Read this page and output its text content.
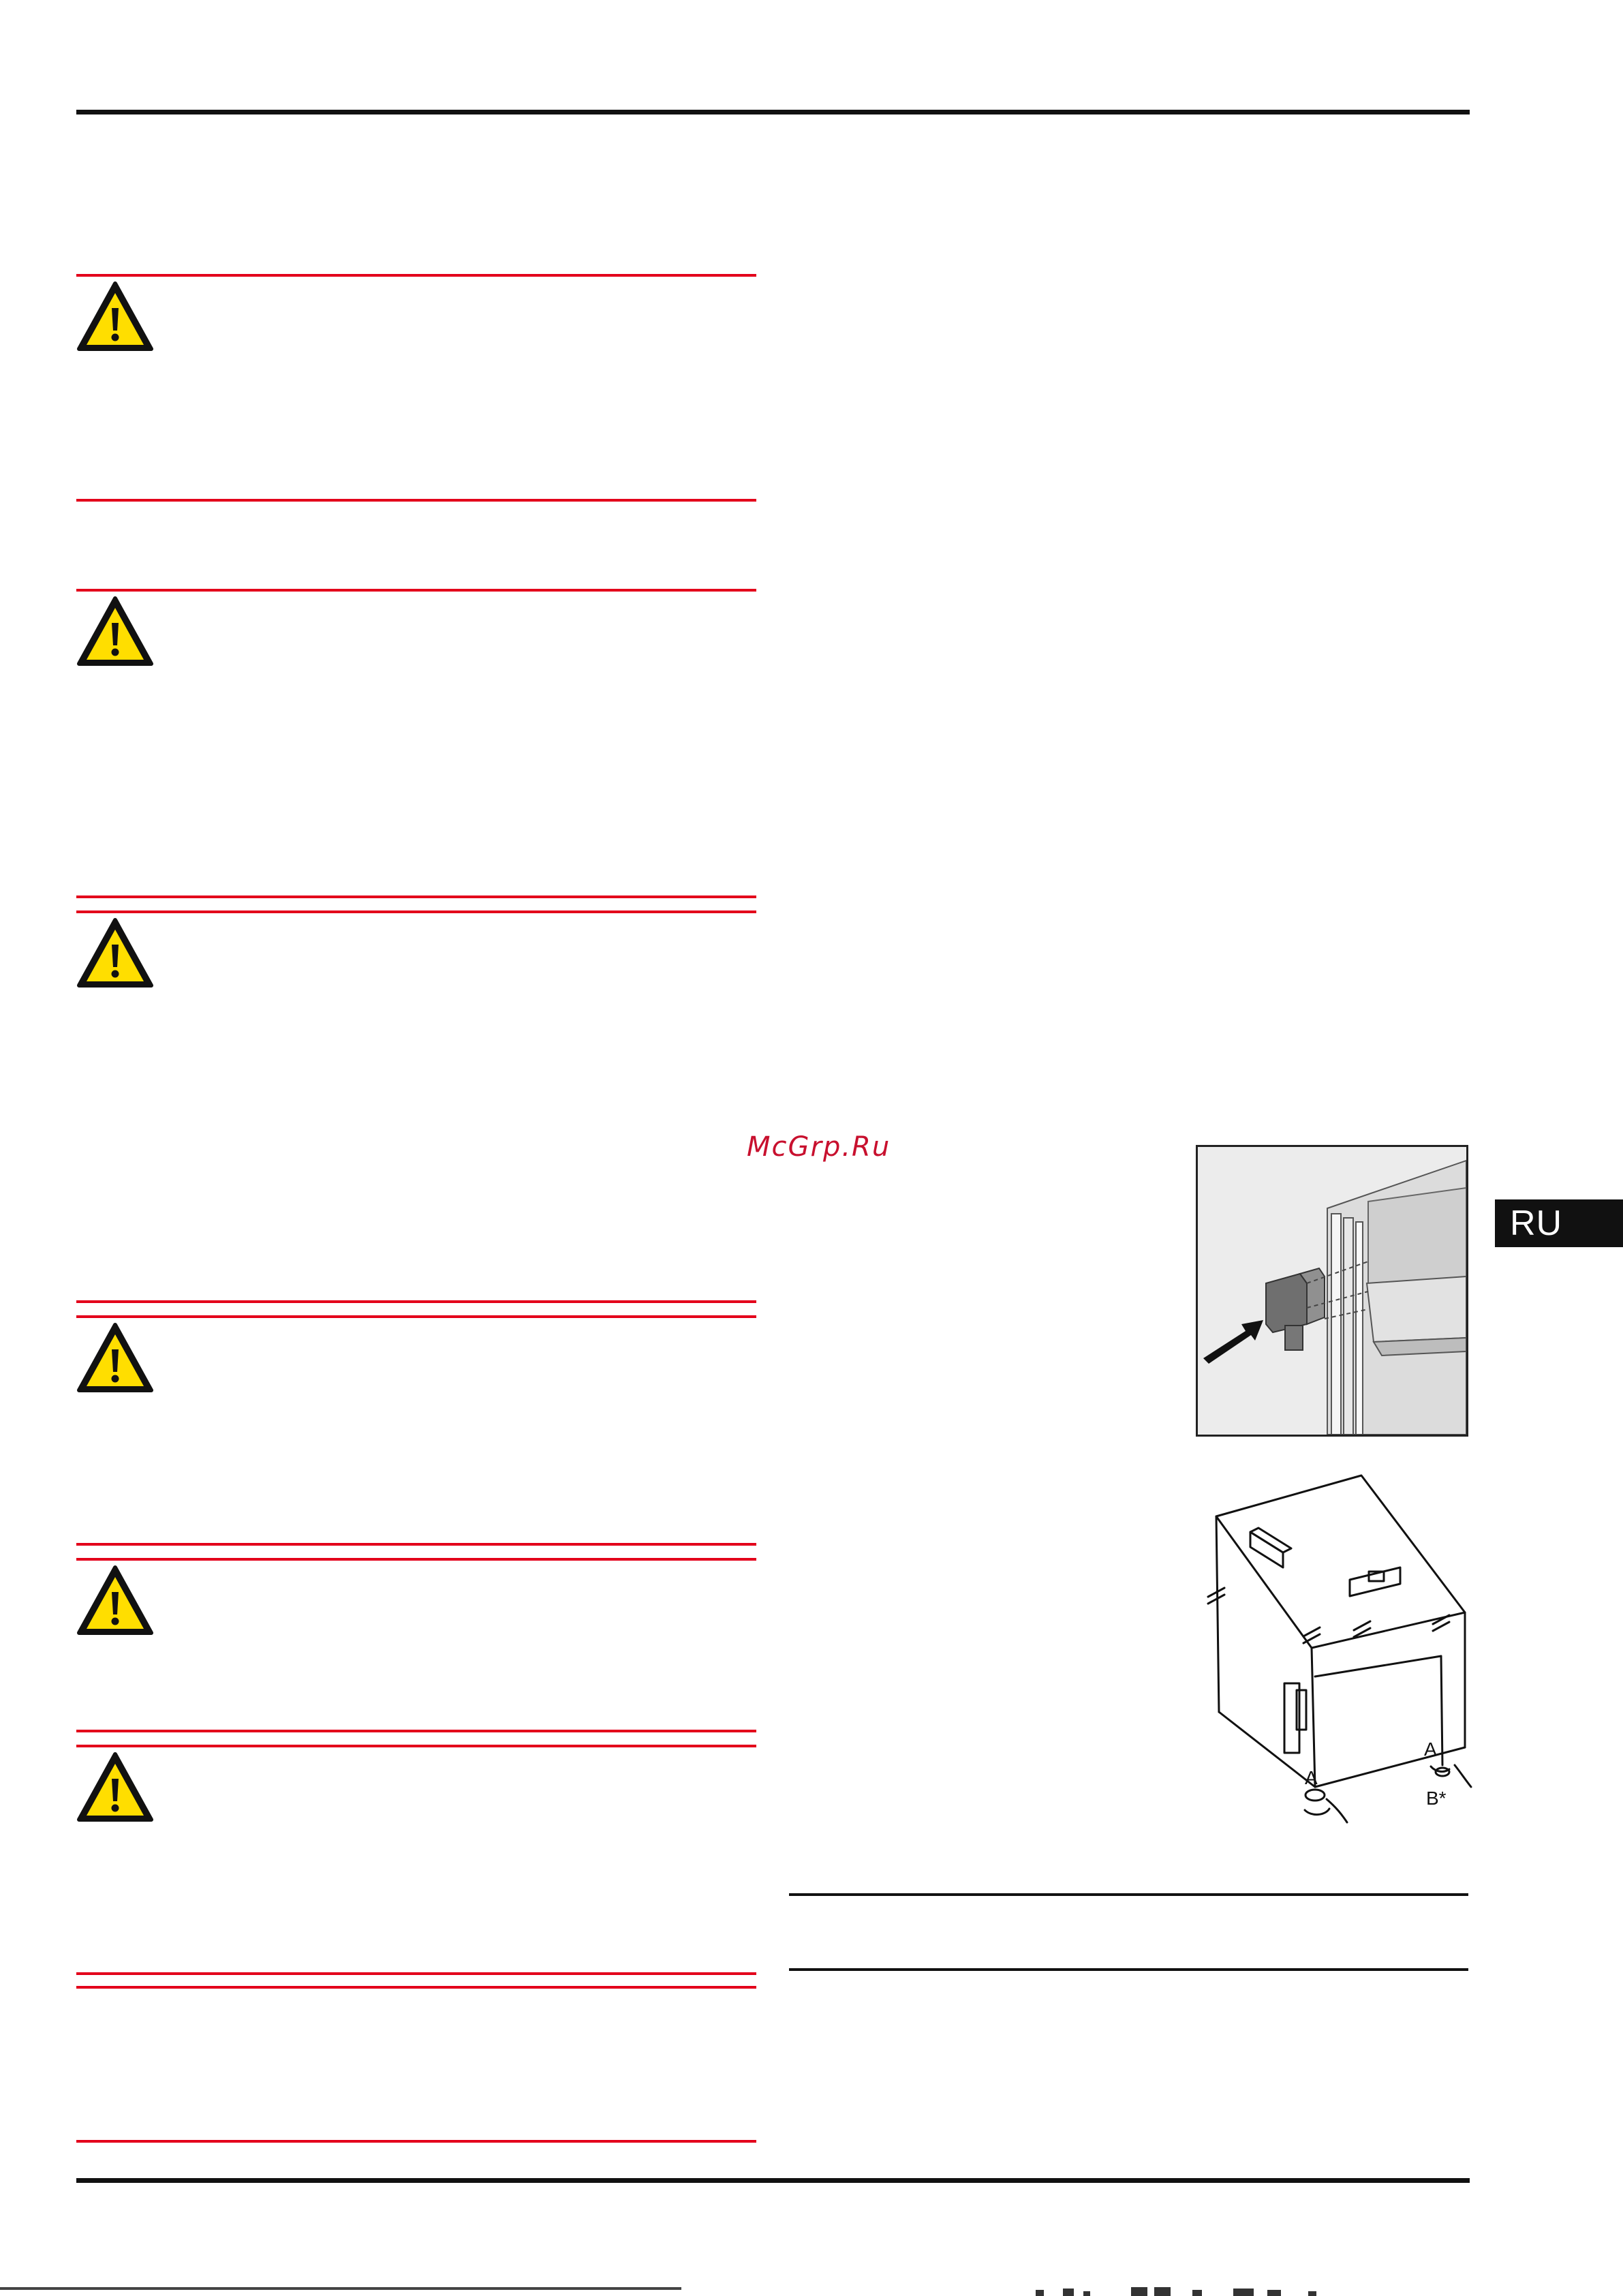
McGrp.Ru
RU
A
A
B*
